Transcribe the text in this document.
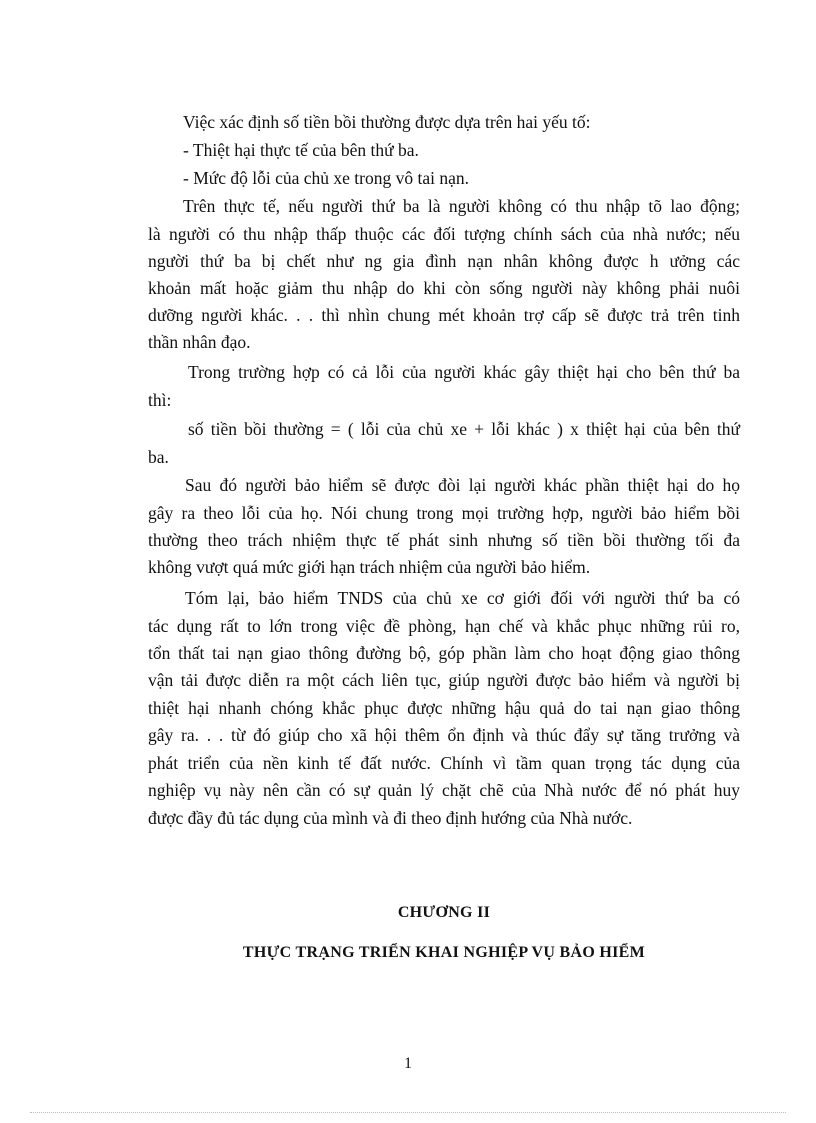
Việc xác định số tiền bồi thường được dựa trên hai yếu tố:
- Thiệt hại thực tế của bên thứ ba.
- Mức độ lỗi của chủ xe trong vô tai nạn.
Trên thực tế, nếu người thứ ba là người không có thu nhập tõ lao động;
là người có thu nhập thấp thuộc các đối tượng chính sách của nhà nước; nếu
người thứ ba bị chết như ng gia đình nạn nhân không được h ưởng các
khoản mất hoặc giảm thu nhập do khi còn sống người này không phải nuôi
dưỡng người khác. . . thì nhìn chung mét khoản trợ cấp sẽ được trả trên tinh
thần nhân đạo.
Trong trường hợp có cả lỗi của người khác gây thiệt hại cho bên thứ ba
thì:
số tiền bồi thường = ( lỗi của chủ xe + lỗi khác ) x thiệt hại của bên thứ
ba.
Sau đó người bảo hiểm sẽ được đòi lại người khác phần thiệt hại do họ
gây ra theo lỗi của họ. Nói chung trong mọi trường hợp, người bảo hiểm bồi
thường theo trách nhiệm thực tế phát sinh nhưng số tiền bồi thường tối đa
không vượt quá mức giới hạn trách nhiệm của người bảo hiểm.
Tóm lại, bảo hiểm TNDS của chủ xe cơ giới đối với người thứ ba có
tác dụng rất to lớn trong việc đề phòng, hạn chế và khắc phục những rủi ro,
tổn thất tai nạn giao thông đường bộ, góp phần làm cho hoạt động giao thông
vận tải được diễn ra một cách liên tục, giúp người được bảo hiểm và người bị
thiệt hại nhanh chóng khắc phục được những hậu quả do tai nạn giao thông
gây ra. . . từ đó giúp cho xã hội thêm ổn định và thúc đẩy sự tăng trưởng và
phát triển của nền kinh tế đất nước. Chính vì tầm quan trọng tác dụng của
nghiệp vụ này nên cần có sự quản lý chặt chẽ của Nhà nước để nó phát huy
được đầy đủ tác dụng của mình và đi theo định hướng của Nhà nước.
CHƯƠNG II
THỰC TRẠNG TRIỂN KHAI NGHIỆP VỤ BẢO HIỂM
1
